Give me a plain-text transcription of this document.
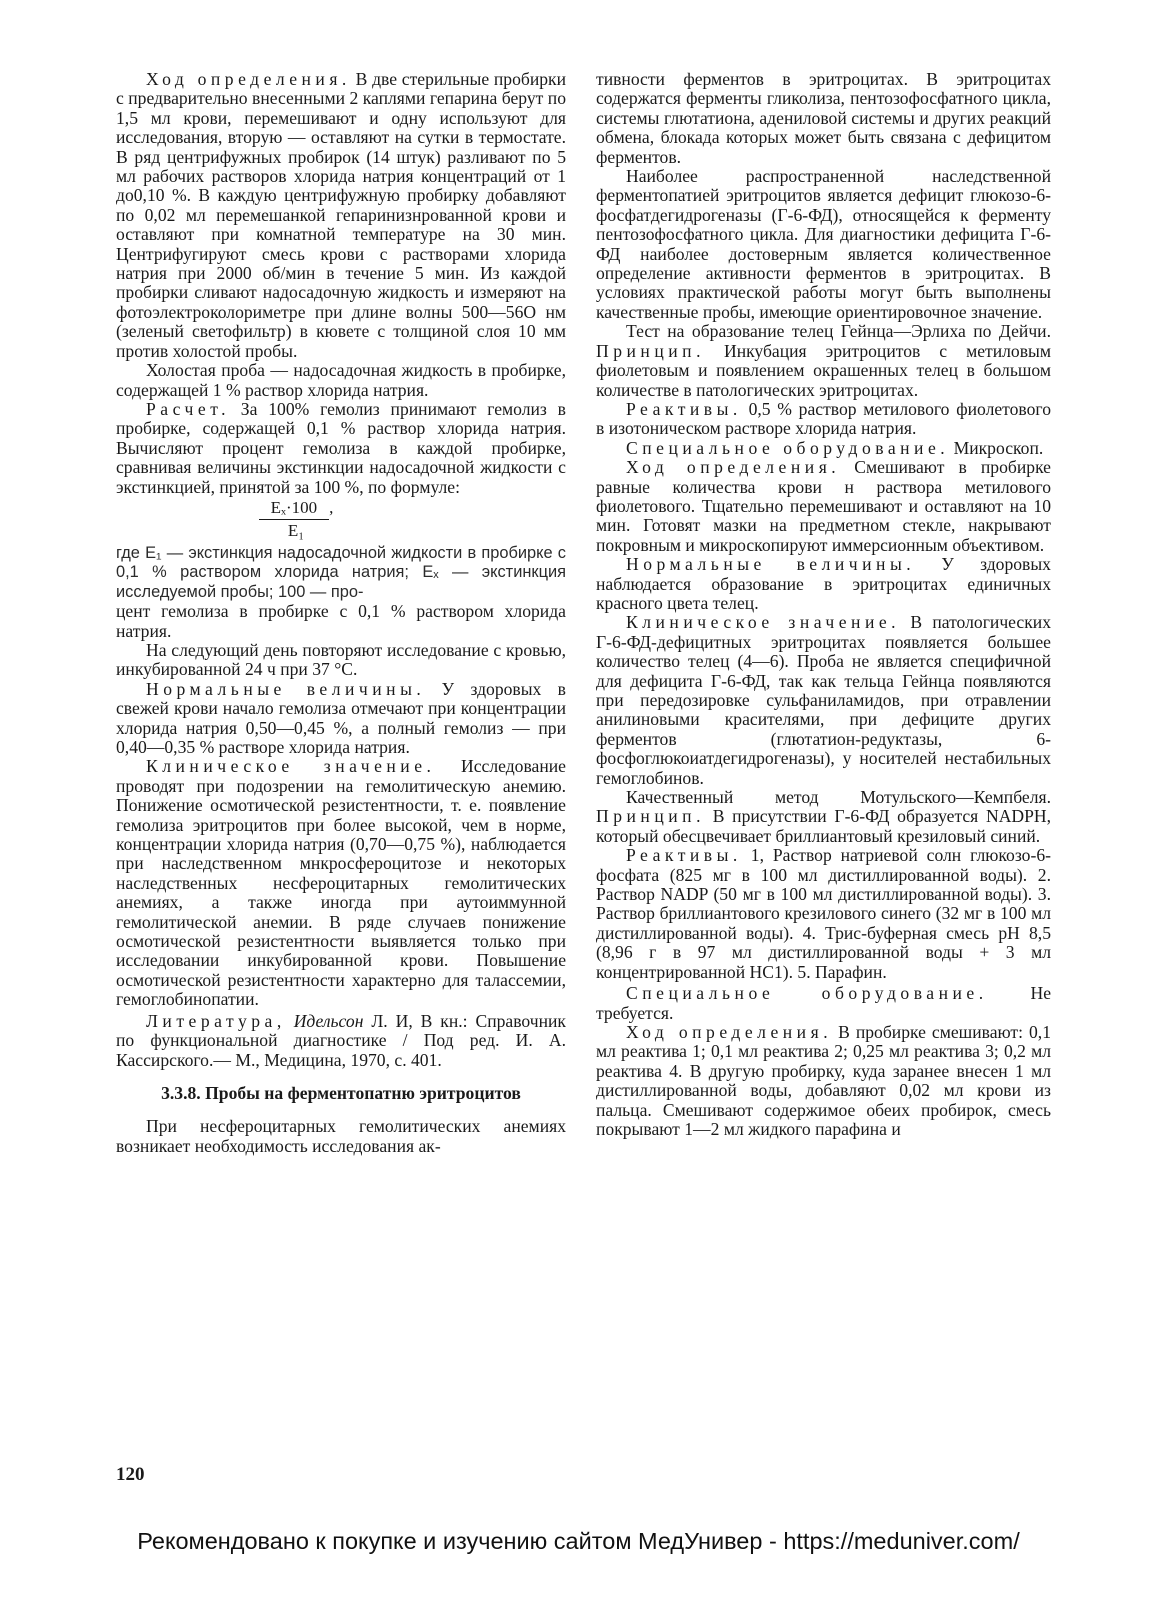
Ход определения. В две стерильные пробирки с предварительно внесенными 2 каплями гепарина берут по 1,5 мл крови, перемешивают и одну используют для исследования, вторую — оставляют на сутки в термостате. В ряд центрифужных пробирок (14 штук) разливают по 5 мл рабочих растворов хлорида натрия концентраций от 1 до0,10 %. В каждую центрифужную пробирку добавляют по 0,02 мл перемешанкой гепаринизнрованной крови и оставляют при комнатной температуре на 30 мин. Центрифугируют смесь крови с растворами хлорида натрия при 2000 об/мин в течение 5 мин. Из каждой пробирки сливают надосадочную жидкость и измеряют на фотоэлектроколориметре при длине волны 500—56О нм (зеленый светофильтр) в кювете с толщиной слоя 10 мм против холостой пробы.

Холостая проба — надосадочная жидкость в пробирке, содержащей 1 % раствор хлорида натрия.

Расчет. За 100% гемолиз принимают гемолиз в пробирке, содержащей 0,1 % раствор хлорида натрия. Вычисляют процент гемолиза в каждой пробирке, сравнивая величины экстинкции надосадочной жидкости с экстинкцией, принятой за 100 %, по формуле:

Eₓ·100 ,
E₁

где E₁ — экстинкция надосадочной жидкости в пробирке с 0,1 % раствором хлорида натрия; Eₓ — экстинкция исследуемой пробы; 100 — про-

цент гемолиза в пробирке с 0,1 % раствором хлорида натрия.

На следующий день повторяют исследование с кровью, инкубированной 24 ч при 37 °С.

Нормальные величины. У здоровых в свежей крови начало гемолиза отмечают при концентрации хлорида натрия 0,50—0,45 %, а полный гемолиз — при 0,40—0,35 % растворе хлорида натрия.

Клиническое значение. Исследование проводят при подозрении на гемолитическую анемию. Понижение осмотической резистентности, т. е. появление гемолиза эритроцитов при более высокой, чем в норме, концентрации хлорида натрия (0,70—0,75 %), наблюдается при наследственном мнкросфероцитозе и некоторых наследственных несфероцитарных гемолитических анемиях, а также иногда при аутоиммунной гемолитической анемии. В ряде случаев понижение осмотической резистентности выявляется только при исследовании инкубированной крови. Повышение осмотической резистентности характерно для талассемии, гемоглобинопатии.

Литература, Идельсон Л. И, В кн.: Справочник по функциональной диагностике / Под ред. И. А. Кассирского.— М., Медицина, 1970, с. 401.

3.3.8. Пробы на ферментопатню эритроцитов

При несфероцитарных гемолитических анемиях возникает необходимость исследования ак-

тивности ферментов в эритроцитах. В эритроцитах содержатся ферменты гликолиза, пентозофосфатного цикла, системы глютатиона, адениловой системы и других реакций обмена, блокада которых может быть связана с дефицитом ферментов.

Наиболее распространенной наследственной ферментопатией эритроцитов является дефицит глюкозо-6-фосфатдегидрогеназы (Г-6-ФД), относящейся к ферменту пентозофосфатного цикла. Для диагностики дефицита Г-6-ФД наиболее достоверным является количественное определение активности ферментов в эритроцитах. В условиях практической работы могут быть выполнены качественные пробы, имеющие ориентировочное значение.

Тест на образование телец Гейнца—Эрлиха по Дейчи. Принцип. Инкубация эритроцитов с метиловым фиолетовым и появлением окрашенных телец в большом количестве в патологических эритроцитах.

Реактивы. 0,5 % раствор метилового фиолетового в изотоническом растворе хлорида натрия.

Специальное оборудование. Микроскоп.

Ход определения. Смешивают в пробирке равные количества крови н раствора метилового фиолетового. Тщательно перемешивают и оставляют на 10 мин. Готовят мазки на предметном стекле, накрывают покровным и микроскопируют иммерсионным объективом.

Нормальные величины. У здоровых наблюдается образование в эритроцитах единичных красного цвета телец.

Клиническое значение. В патологических Г-6-ФД-дефицитных эритроцитах появляется большее количество телец (4—6). Проба не является специфичной для дефицита Г-6-ФД, так как тельца Гейнца появляются при передозировке сульфаниламидов, при отравлении анилиновыми красителями, при дефиците других ферментов (глютатион-редуктазы, 6-фосфоглюкоиатдегидрогеназы), у носителей нестабильных гемоглобинов.

Качественный метод Мотульского—Кемпбеля. Принцип. В присутствии Г-6-ФД образуется NADPH, который обесцвечивает бриллиантовый крезиловый синий.

Реактивы. 1, Раствор натриевой солн глюкозо-6-фосфата (825 мг в 100 мл дистиллированной воды). 2. Раствор NADP (50 мг в 100 мл дистиллированной воды). 3. Раствор бриллиантового крезилового синего (32 мг в 100 мл дистиллированной воды). 4. Трис-буферная смесь pH 8,5 (8,96 г в 97 мл дистиллированной воды + 3 мл концентрированной НС1). 5. Парафин.

Специальное оборудование. Не требуется.

Ход определения. В пробирке смешивают: 0,1 мл реактива 1; 0,1 мл реактива 2; 0,25 мл реактива 3; 0,2 мл реактива 4. В другую пробирку, куда заранее внесен 1 мл дистиллированной воды, добавляют 0,02 мл крови из пальца. Смешивают содержимое обеих пробирок, смесь покрывают 1—2 мл жидкого парафина и

120
Рекомендовано к покупке и изучению сайтом МедУнивер - https://meduniver.com/
